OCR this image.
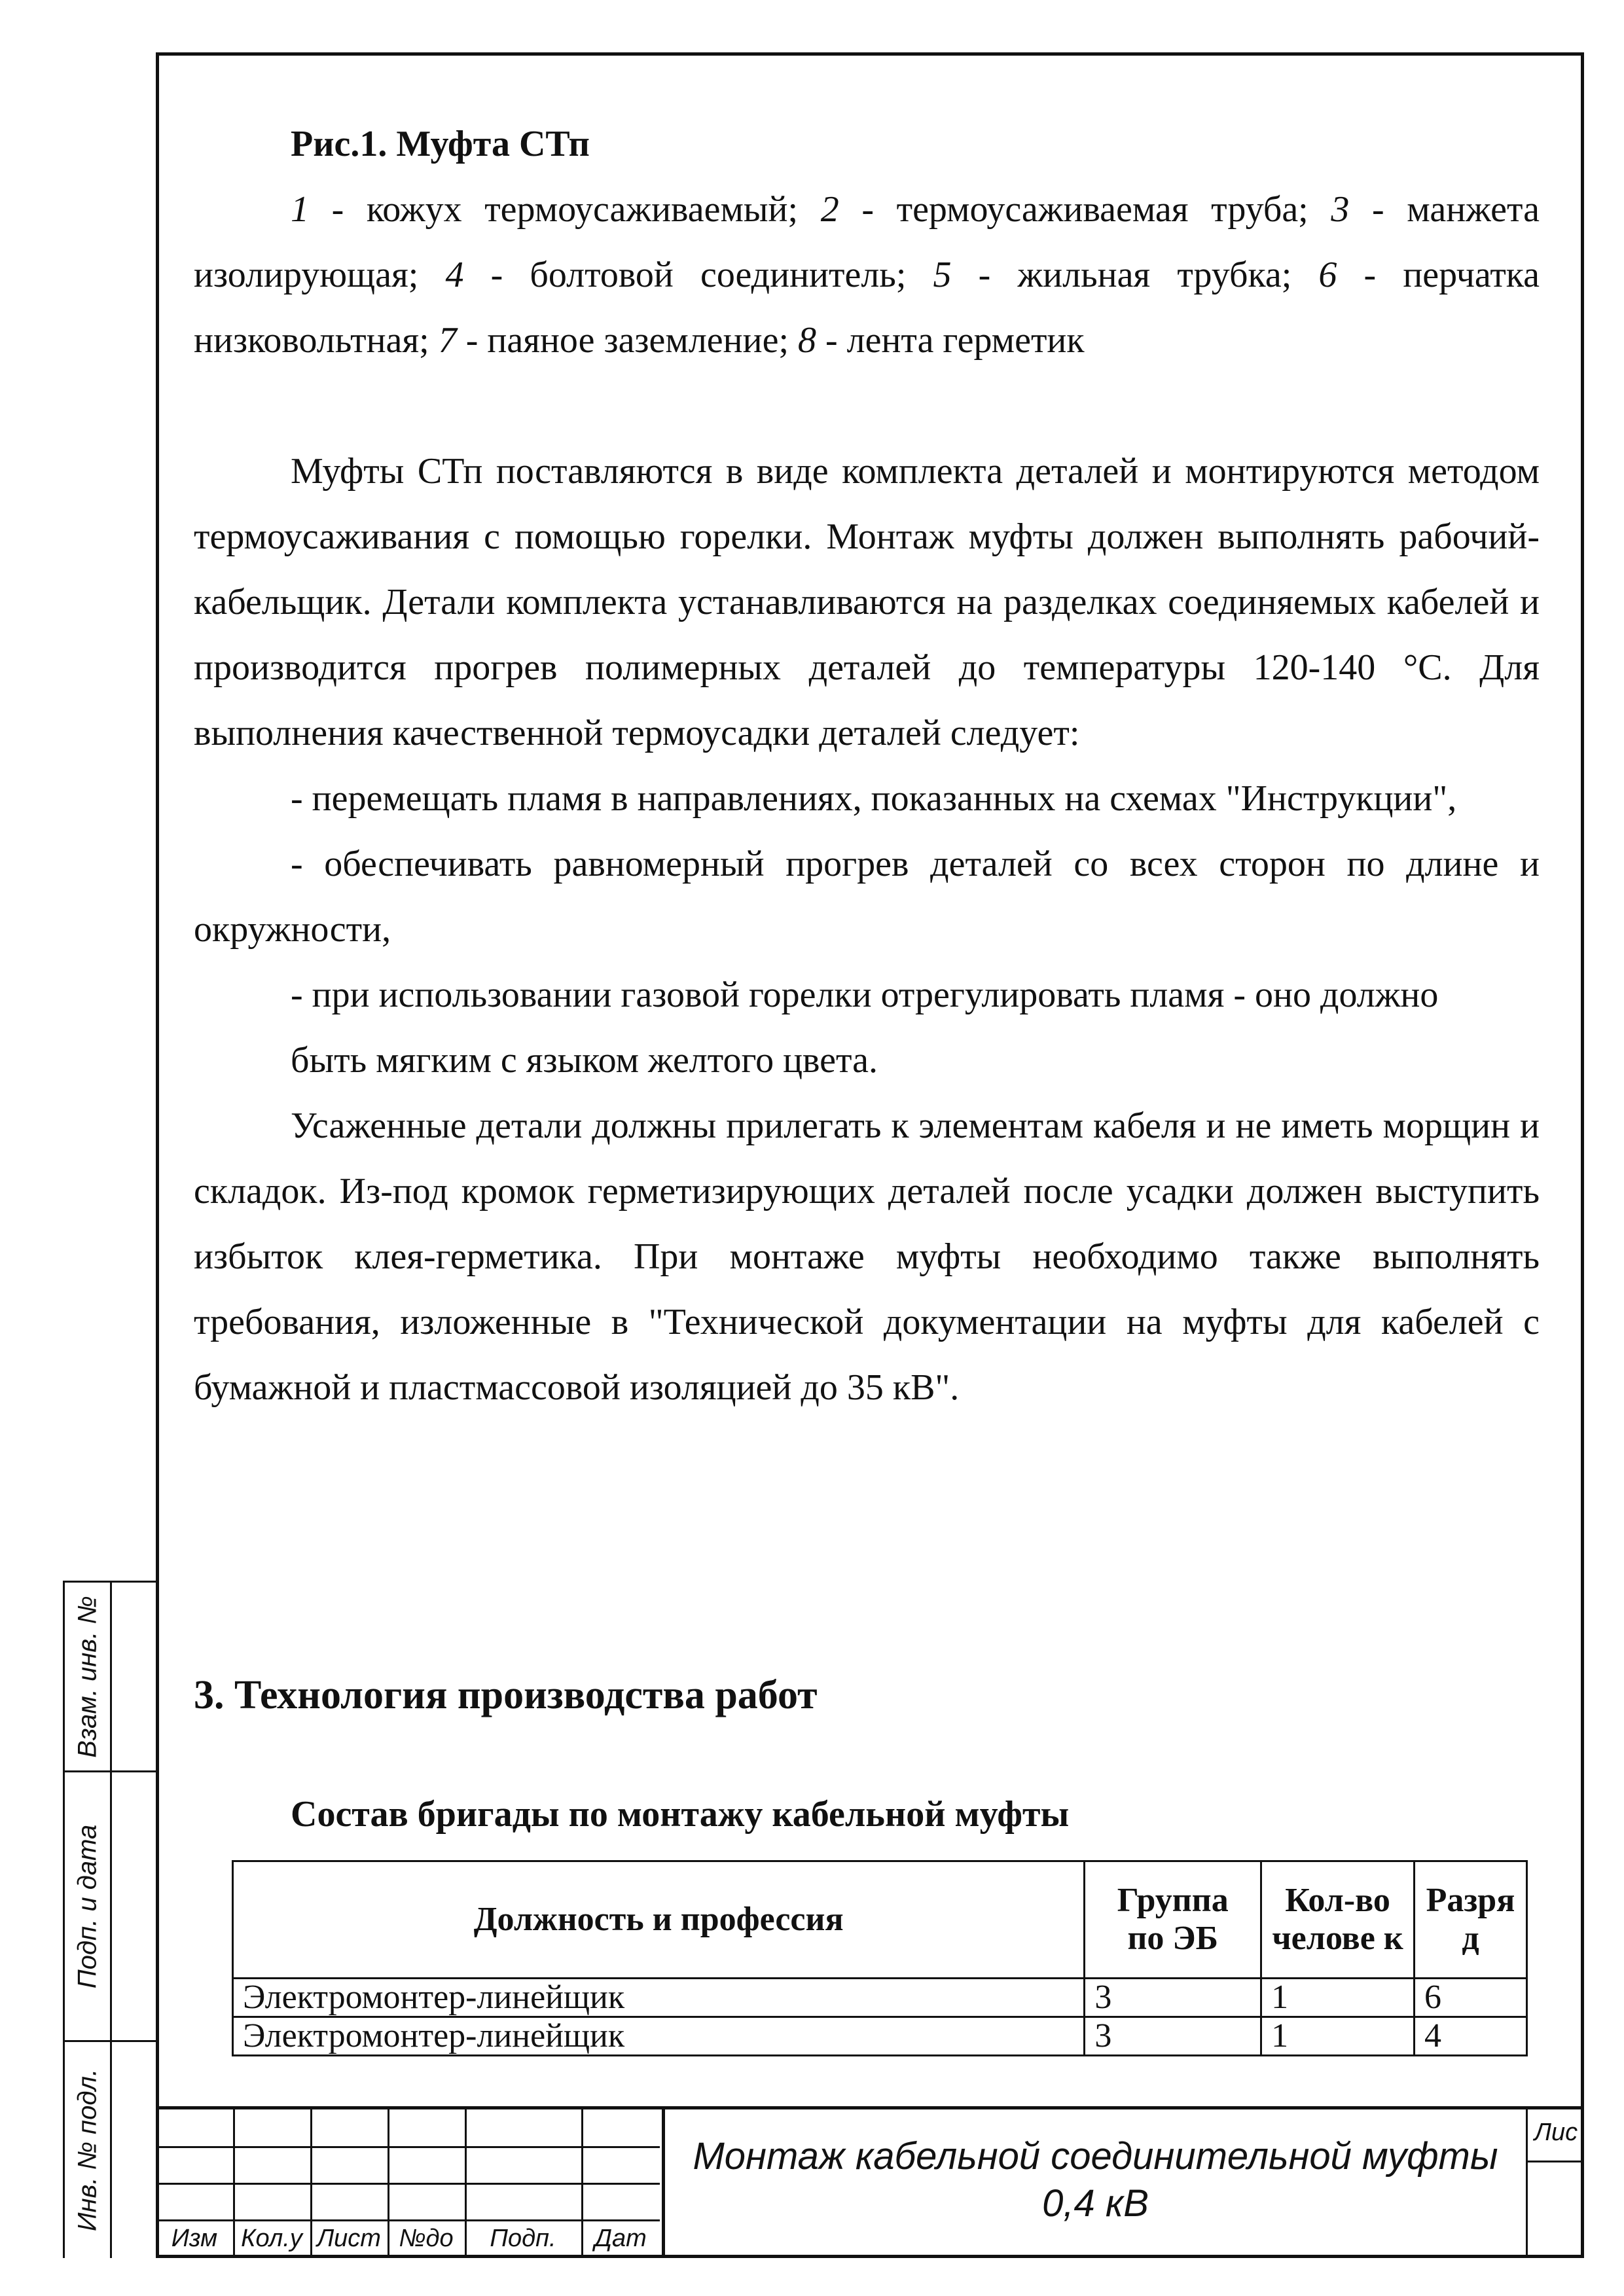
Рис.1. Муфта СТп

1 - кожух термоусаживаемый; 2 - термоусаживаемая труба; 3 - манжета изолирующая; 4 - болтовой соединитель; 5 - жильная трубка; 6 - перчатка низковольтная; 7 - паяное заземление; 8 - лента герметик

Муфты СТп поставляются в виде комплекта деталей и монтируются методом термоусаживания с помощью горелки. Монтаж муфты должен выполнять рабочий-кабельщик. Детали комплекта устанавливаются на разделках соединяемых кабелей и производится прогрев полимерных деталей до температуры 120-140 °С. Для выполнения качественной термоусадки деталей следует:

- перемещать пламя в направлениях, показанных на схемах "Инструкции",

- обеспечивать равномерный прогрев деталей со всех сторон по длине и окружности,

- при использовании газовой горелки отрегулировать пламя - оно должно

быть мягким с языком желтого цвета.

Усаженные детали должны прилегать к элементам кабеля и не иметь морщин и складок. Из-под кромок герметизирующих деталей после усадки должен выступить избыток клея-герметика. При монтаже муфты необходимо также выполнять требования, изложенные в "Технической документации на муфты для кабелей с бумажной и пластмассовой изоляцией до 35 кВ".

3. Технология производства работ
Состав бригады по монтажу кабельной муфты
Должность и профессия	Группа по ЭБ	Кол-во челове к	Разря д
Электромонтер-линейщик	3	1	6
Электромонтер-линейщик	3	1	4
Взам. инв. №
Подп. и дата
Инв. № подл.
Изм Кол.у Лист №до	Подп.	Дат
Монтаж кабельной соединительной муфты
0,4 кВ
Лис
